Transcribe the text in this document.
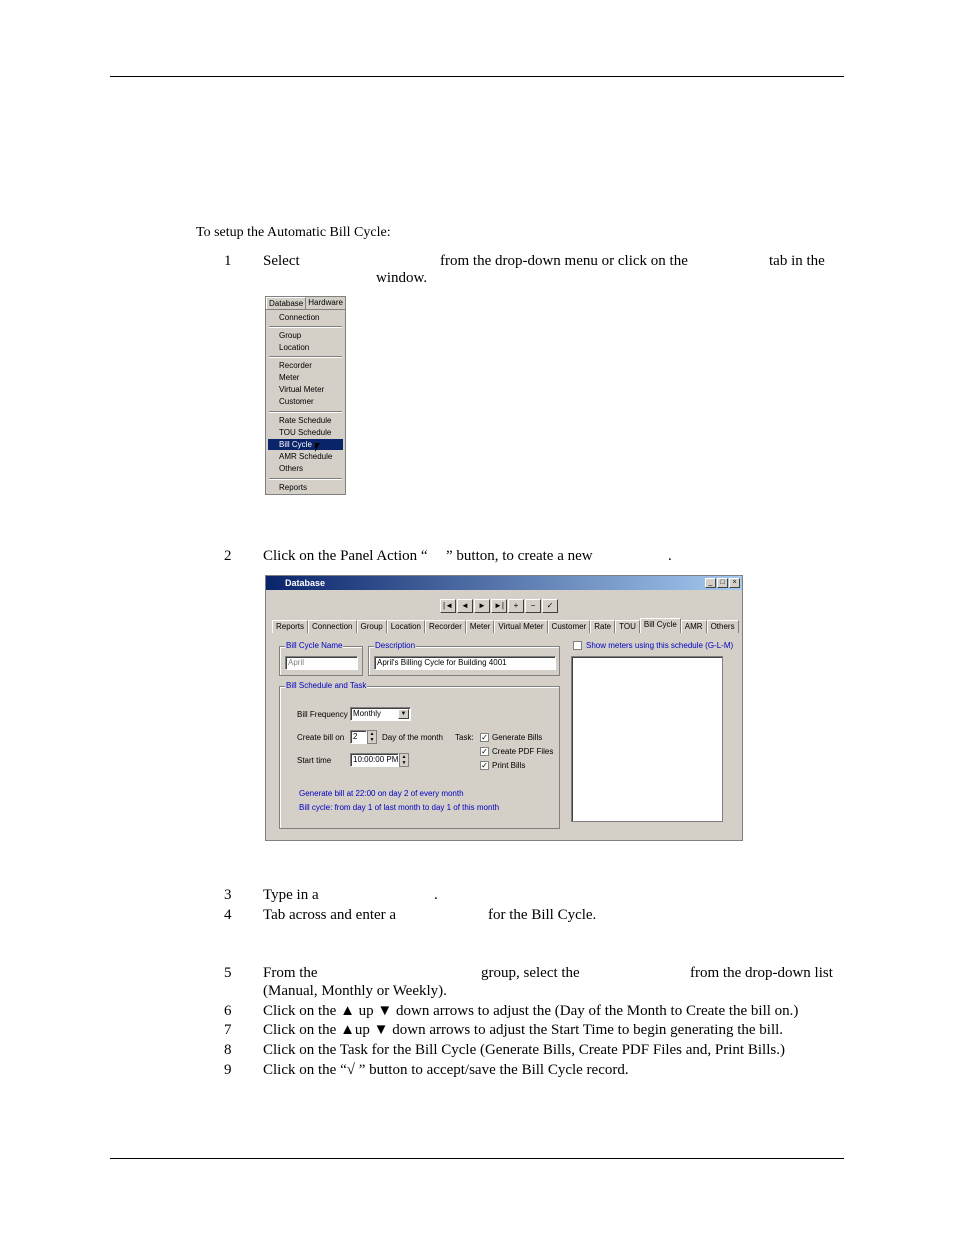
To setup the Automatic Bill Cycle:
1 Select	from the drop-down menu or click on the	tab in the
window.
Database Hardware
Connection
Group
Location
Recorder
Meter
Virtual Meter
Customer
Rate Schedule
TOU Schedule
Bill Cycle
AMR Schedule
Others
Reports
2 Click on the Panel Action “ ” button, to create a new	.
Database	_	□	×
|◄	◄	►	►|	+	−	✓
Reports	Connection	Group	Location	Recorder	Meter	Virtual Meter	Customer	Rate	TOU	Bill Cycle	AMR	Others
Bill Cycle Name
April
Description
April's Billing Cycle for Building 4001
Show meters using this schedule (G-L-M)
Bill Schedule and Task
Bill Frequency Monthly	▼
Create bill on	2	▲
▼ Day of the month
Start time	10:00:00 PM ▲
▼
Task: ✓ Generate Bills
✓ Create PDF Files
✓ Print Bills
Generate bill at 22:00 on day 2 of every month
Bill cycle: from day 1 of last month to day 1 of this month
3 Type in a	.
4 Tab across and enter a	for the Bill Cycle.
5 From the	group, select the	from the drop-down list
(Manual, Monthly or Weekly).
6 Click on the ▲ up ▼ down arrows to adjust the (Day of the Month to Create the bill on.)
7 Click on the ▲up ▼ down arrows to adjust the Start Time to begin generating the bill.
8 Click on the Task for the Bill Cycle (Generate Bills, Create PDF Files and, Print Bills.)
9 Click on the “√ ” button to accept/save the Bill Cycle record.
